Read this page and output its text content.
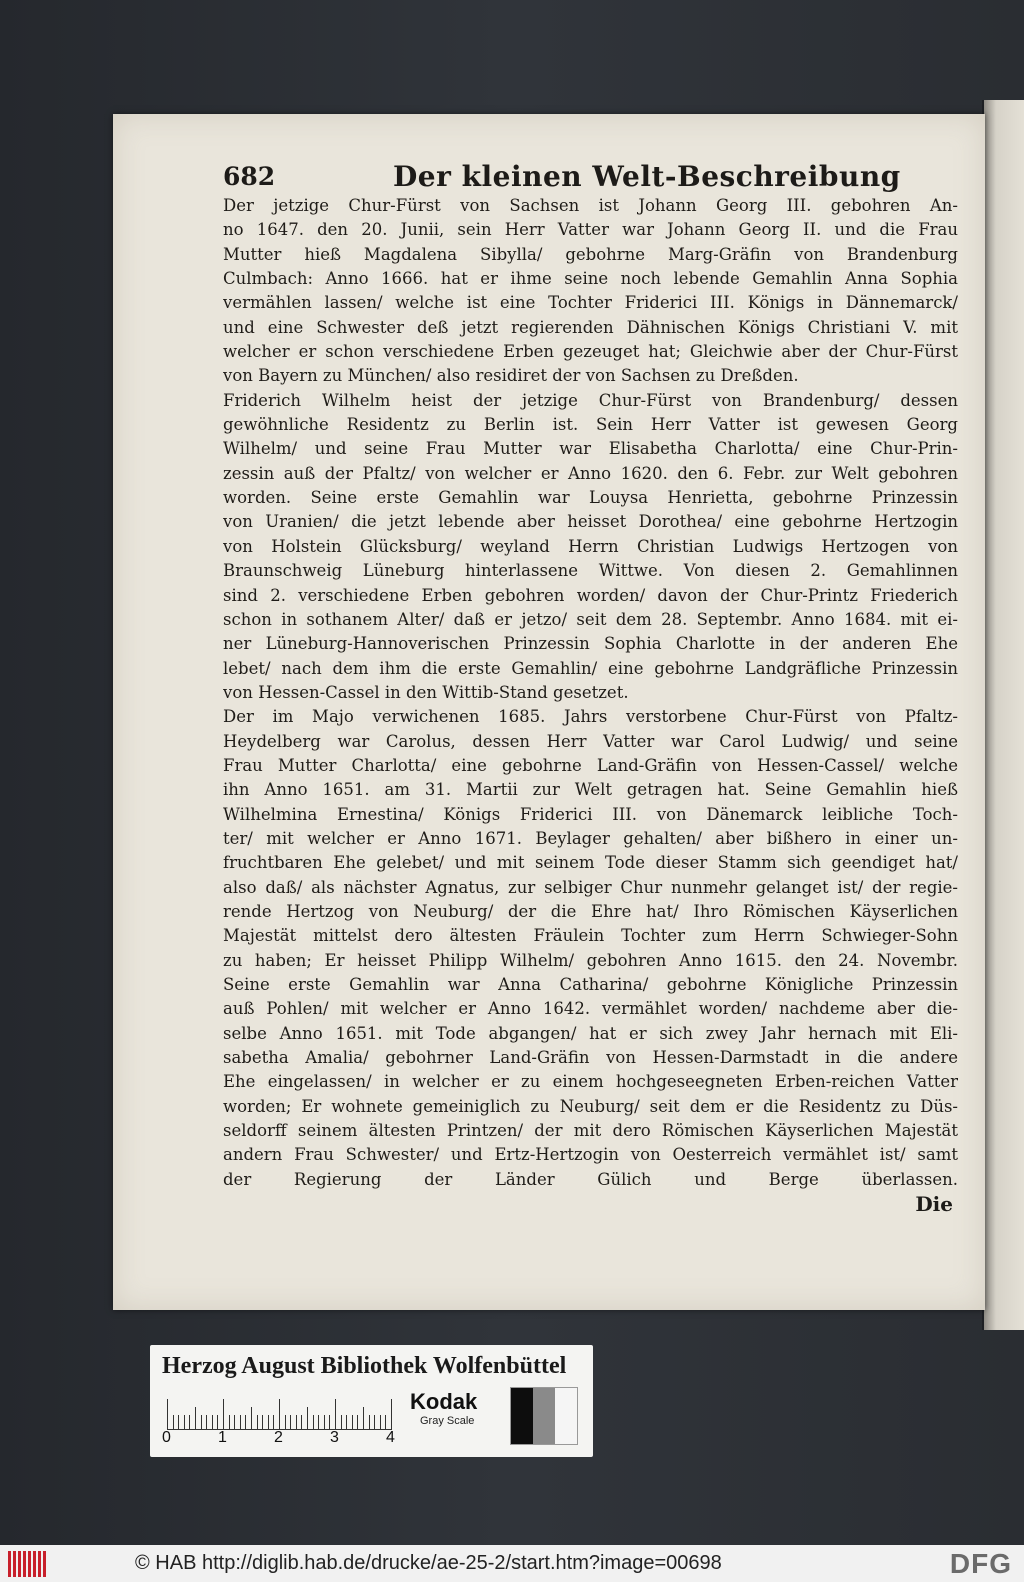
682	Der kleinen Welt-Beschreibung
Der jetzige Chur-Fürst von Sachsen ist Johann Georg III. gebohren An-
no 1647. den 20. Junii, sein Herr Vatter war Johann Georg II. und die Frau
Mutter hieß Magdalena Sibylla/ gebohrne Marg-Gräfin von Brandenburg
Culmbach: Anno 1666. hat er ihme seine noch lebende Gemahlin Anna Sophia
vermählen lassen/ welche ist eine Tochter Friderici III. Königs in Dännemarck/
und eine Schwester deß jetzt regierenden Dähnischen Königs Christiani V. mit
welcher er schon verschiedene Erben gezeuget hat; Gleichwie aber der Chur-Fürst
von Bayern zu München/ also residiret der von Sachsen zu Dreßden.
Friderich Wilhelm heist der jetzige Chur-Fürst von Brandenburg/ dessen
gewöhnliche Residentz zu Berlin ist. Sein Herr Vatter ist gewesen Georg
Wilhelm/ und seine Frau Mutter war Elisabetha Charlotta/ eine Chur-Prin-
zessin auß der Pfaltz/ von welcher er Anno 1620. den 6. Febr. zur Welt gebohren
worden. Seine erste Gemahlin war Louysa Henrietta, gebohrne Prinzessin
von Uranien/ die jetzt lebende aber heisset Dorothea/ eine gebohrne Hertzogin
von Holstein Glücksburg/ weyland Herrn Christian Ludwigs Hertzogen von
Braunschweig Lüneburg hinterlassene Wittwe. Von diesen 2. Gemahlinnen
sind 2. verschiedene Erben gebohren worden/ davon der Chur-Printz Friederich
schon in sothanem Alter/ daß er jetzo/ seit dem 28. Septembr. Anno 1684. mit ei-
ner Lüneburg-Hannoverischen Prinzessin Sophia Charlotte in der anderen Ehe
lebet/ nach dem ihm die erste Gemahlin/ eine gebohrne Landgräfliche Prinzessin
von Hessen-Cassel in den Wittib-Stand gesetzet.
Der im Majo verwichenen 1685. Jahrs verstorbene Chur-Fürst von Pfaltz-
Heydelberg war Carolus, dessen Herr Vatter war Carol Ludwig/ und seine
Frau Mutter Charlotta/ eine gebohrne Land-Gräfin von Hessen-Cassel/ welche
ihn Anno 1651. am 31. Martii zur Welt getragen hat. Seine Gemahlin hieß
Wilhelmina Ernestina/ Königs Friderici III. von Dänemarck leibliche Toch-
ter/ mit welcher er Anno 1671. Beylager gehalten/ aber bißhero in einer un-
fruchtbaren Ehe gelebet/ und mit seinem Tode dieser Stamm sich geendiget hat/
also daß/ als nächster Agnatus, zur selbiger Chur nunmehr gelanget ist/ der regie-
rende Hertzog von Neuburg/ der die Ehre hat/ Ihro Römischen Käyserlichen
Majestät mittelst dero ältesten Fräulein Tochter zum Herrn Schwieger-Sohn
zu haben; Er heisset Philipp Wilhelm/ gebohren Anno 1615. den 24. Novembr.
Seine erste Gemahlin war Anna Catharina/ gebohrne Königliche Prinzessin
auß Pohlen/ mit welcher er Anno 1642. vermählet worden/ nachdeme aber die-
selbe Anno 1651. mit Tode abgangen/ hat er sich zwey Jahr hernach mit Eli-
sabetha Amalia/ gebohrner Land-Gräfin von Hessen-Darmstadt in die andere
Ehe eingelassen/ in welcher er zu einem hochgeseegneten Erben-reichen Vatter
worden; Er wohnete gemeiniglich zu Neuburg/ seit dem er die Residentz zu Düs-
seldorff seinem ältesten Printzen/ der mit dero Römischen Käyserlichen Majestät
andern Frau Schwester/ und Ertz-Hertzogin von Oesterreich vermählet ist/ samt
der Regierung der Länder Gülich und Berge überlassen.
Die
Herzog August Bibliothek Wolfenbüttel
0	1	2	3	4
Kodak
Gray Scale
© HAB http://diglib.hab.de/drucke/ae-25-2/start.htm?image=00698	DFG
